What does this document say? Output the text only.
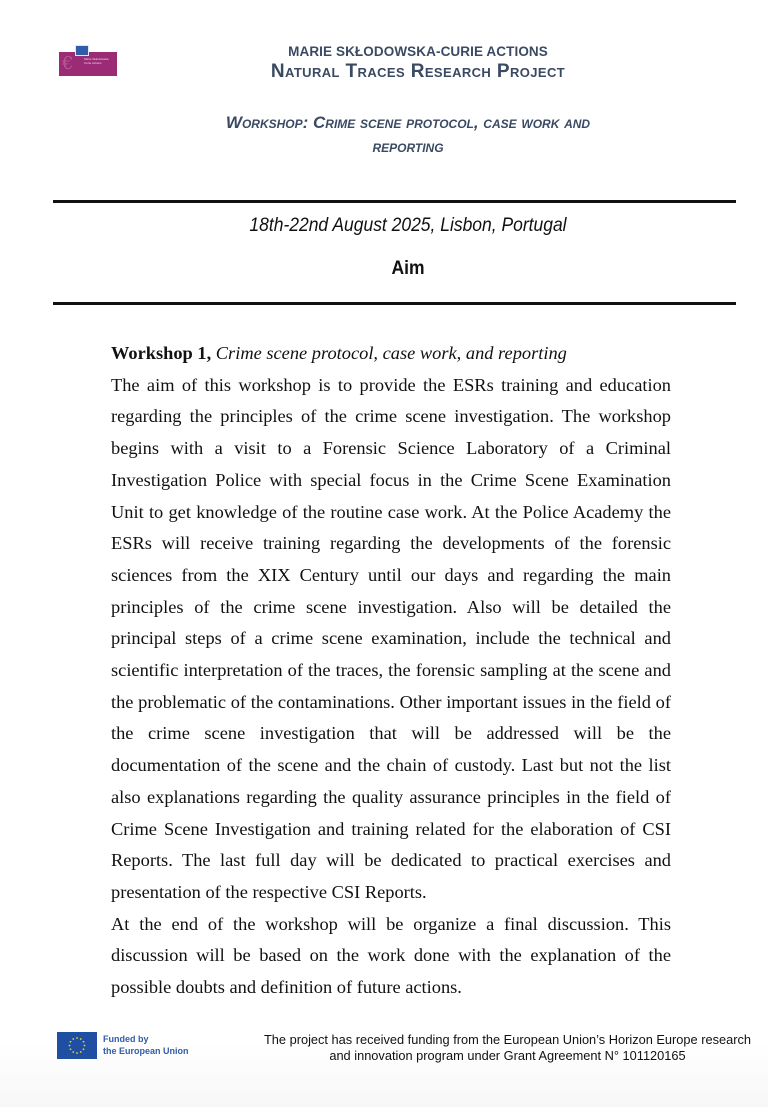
€	Marie Skłodowska-Curie Actions
MARIE SKŁODOWSKA-CURIE ACTIONS
Natural Traces Research Project
Workshop: Crime scene protocol, case work and
reporting
18th-22nd August 2025, Lisbon, Portugal
Aim

Workshop 1, Crime scene protocol, case work, and reporting

The aim of this workshop is to provide the ESRs training and education regarding the principles of the crime scene investigation. The workshop begins with a visit to a Forensic Science Laboratory of a Criminal Investigation Police with special focus in the Crime Scene Examination Unit to get knowledge of the routine case work. At the Police Academy the ESRs will receive training regarding the developments of the forensic sciences from the XIX Century until our days and regarding the main principles of the crime scene investigation. Also will be detailed the principal steps of a crime scene examination, include the technical and scientific interpretation of the traces, the forensic sampling at the scene and the problematic of the contaminations. Other important issues in the field of the crime scene investigation that will be addressed will be the documentation of the scene and the chain of custody. Last but not the list also explanations regarding the quality assurance principles in the field of Crime Scene Investigation and training related for the elaboration of CSI Reports. The last full day will be dedicated to practical exercises and presentation of the respective CSI Reports.

At the end of the workshop will be organize a final discussion. This discussion will be based on the work done with the explanation of the possible doubts and definition of future actions.

Funded by
the European Union
The project has received funding from the European Union’s Horizon Europe research
and innovation program under Grant Agreement N° 101120165
